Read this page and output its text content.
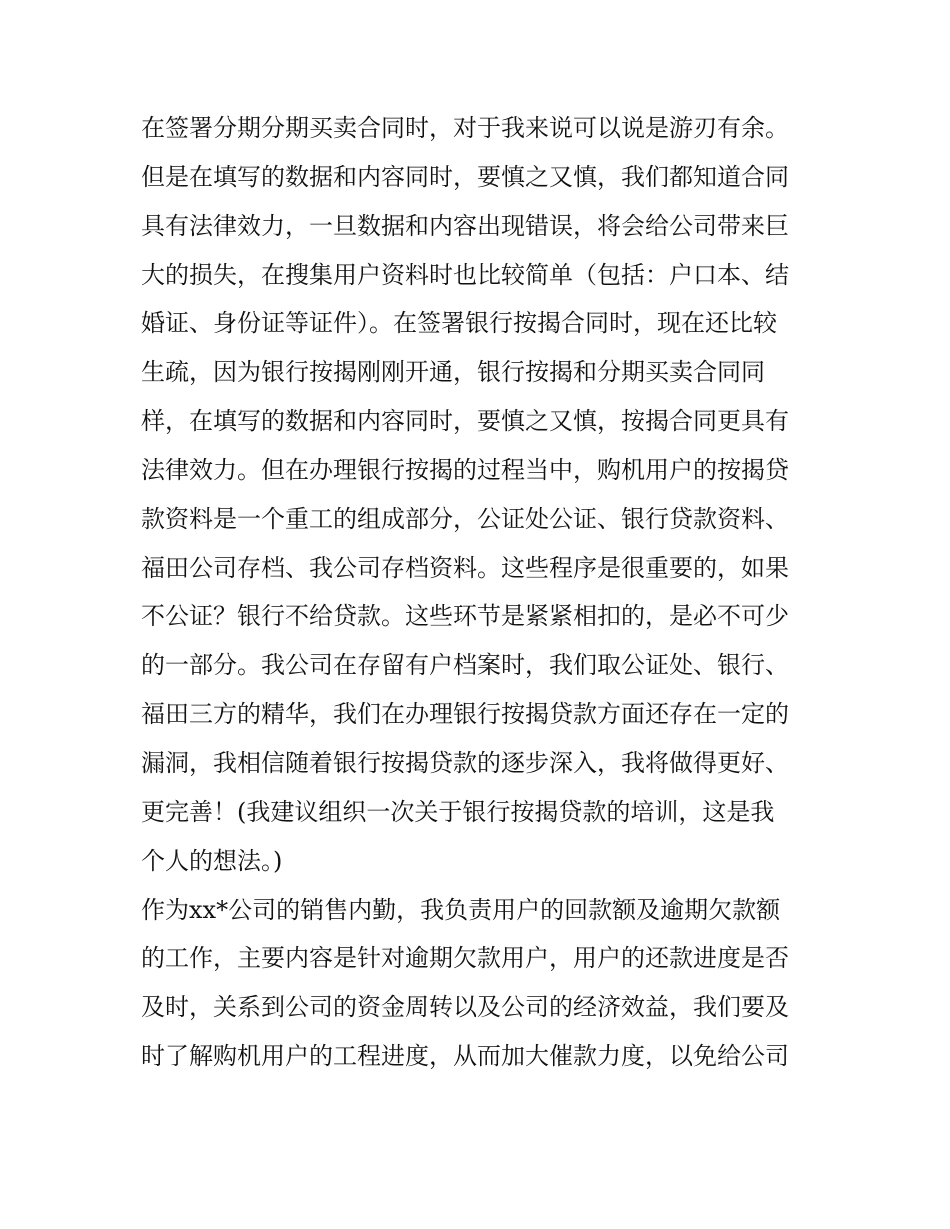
在签署分期分期买卖合同时，对于我来说可以说是游刃有余。
但是在填写的数据和内容同时，要慎之又慎，我们都知道合同
具有法律效力，一旦数据和内容出现错误，将会给公司带来巨
大的损失，在搜集用户资料时也比较简单（包括：户口本、结
婚证、身份证等证件）。在签署银行按揭合同时，现在还比较
生疏，因为银行按揭刚刚开通，银行按揭和分期买卖合同同
样，在填写的数据和内容同时，要慎之又慎，按揭合同更具有
法律效力。但在办理银行按揭的过程当中，购机用户的按揭贷
款资料是一个重工的组成部分，公证处公证、银行贷款资料、
福田公司存档、我公司存档资料。这些程序是很重要的，如果
不公证？银行不给贷款。这些环节是紧紧相扣的，是必不可少
的一部分。我公司在存留有户档案时，我们取公证处、银行、
福田三方的精华，我们在办理银行按揭贷款方面还存在一定的
漏洞，我相信随着银行按揭贷款的逐步深入，我将做得更好、
更完善！(我建议组织一次关于银行按揭贷款的培训，这是我
个人的想法。)
作为xx*公司的销售内勤，我负责用户的回款额及逾期欠款额
的工作，主要内容是针对逾期欠款用户，用户的还款进度是否
及时，关系到公司的资金周转以及公司的经济效益，我们要及
时了解购机用户的工程进度，从而加大催款力度，以免给公司
